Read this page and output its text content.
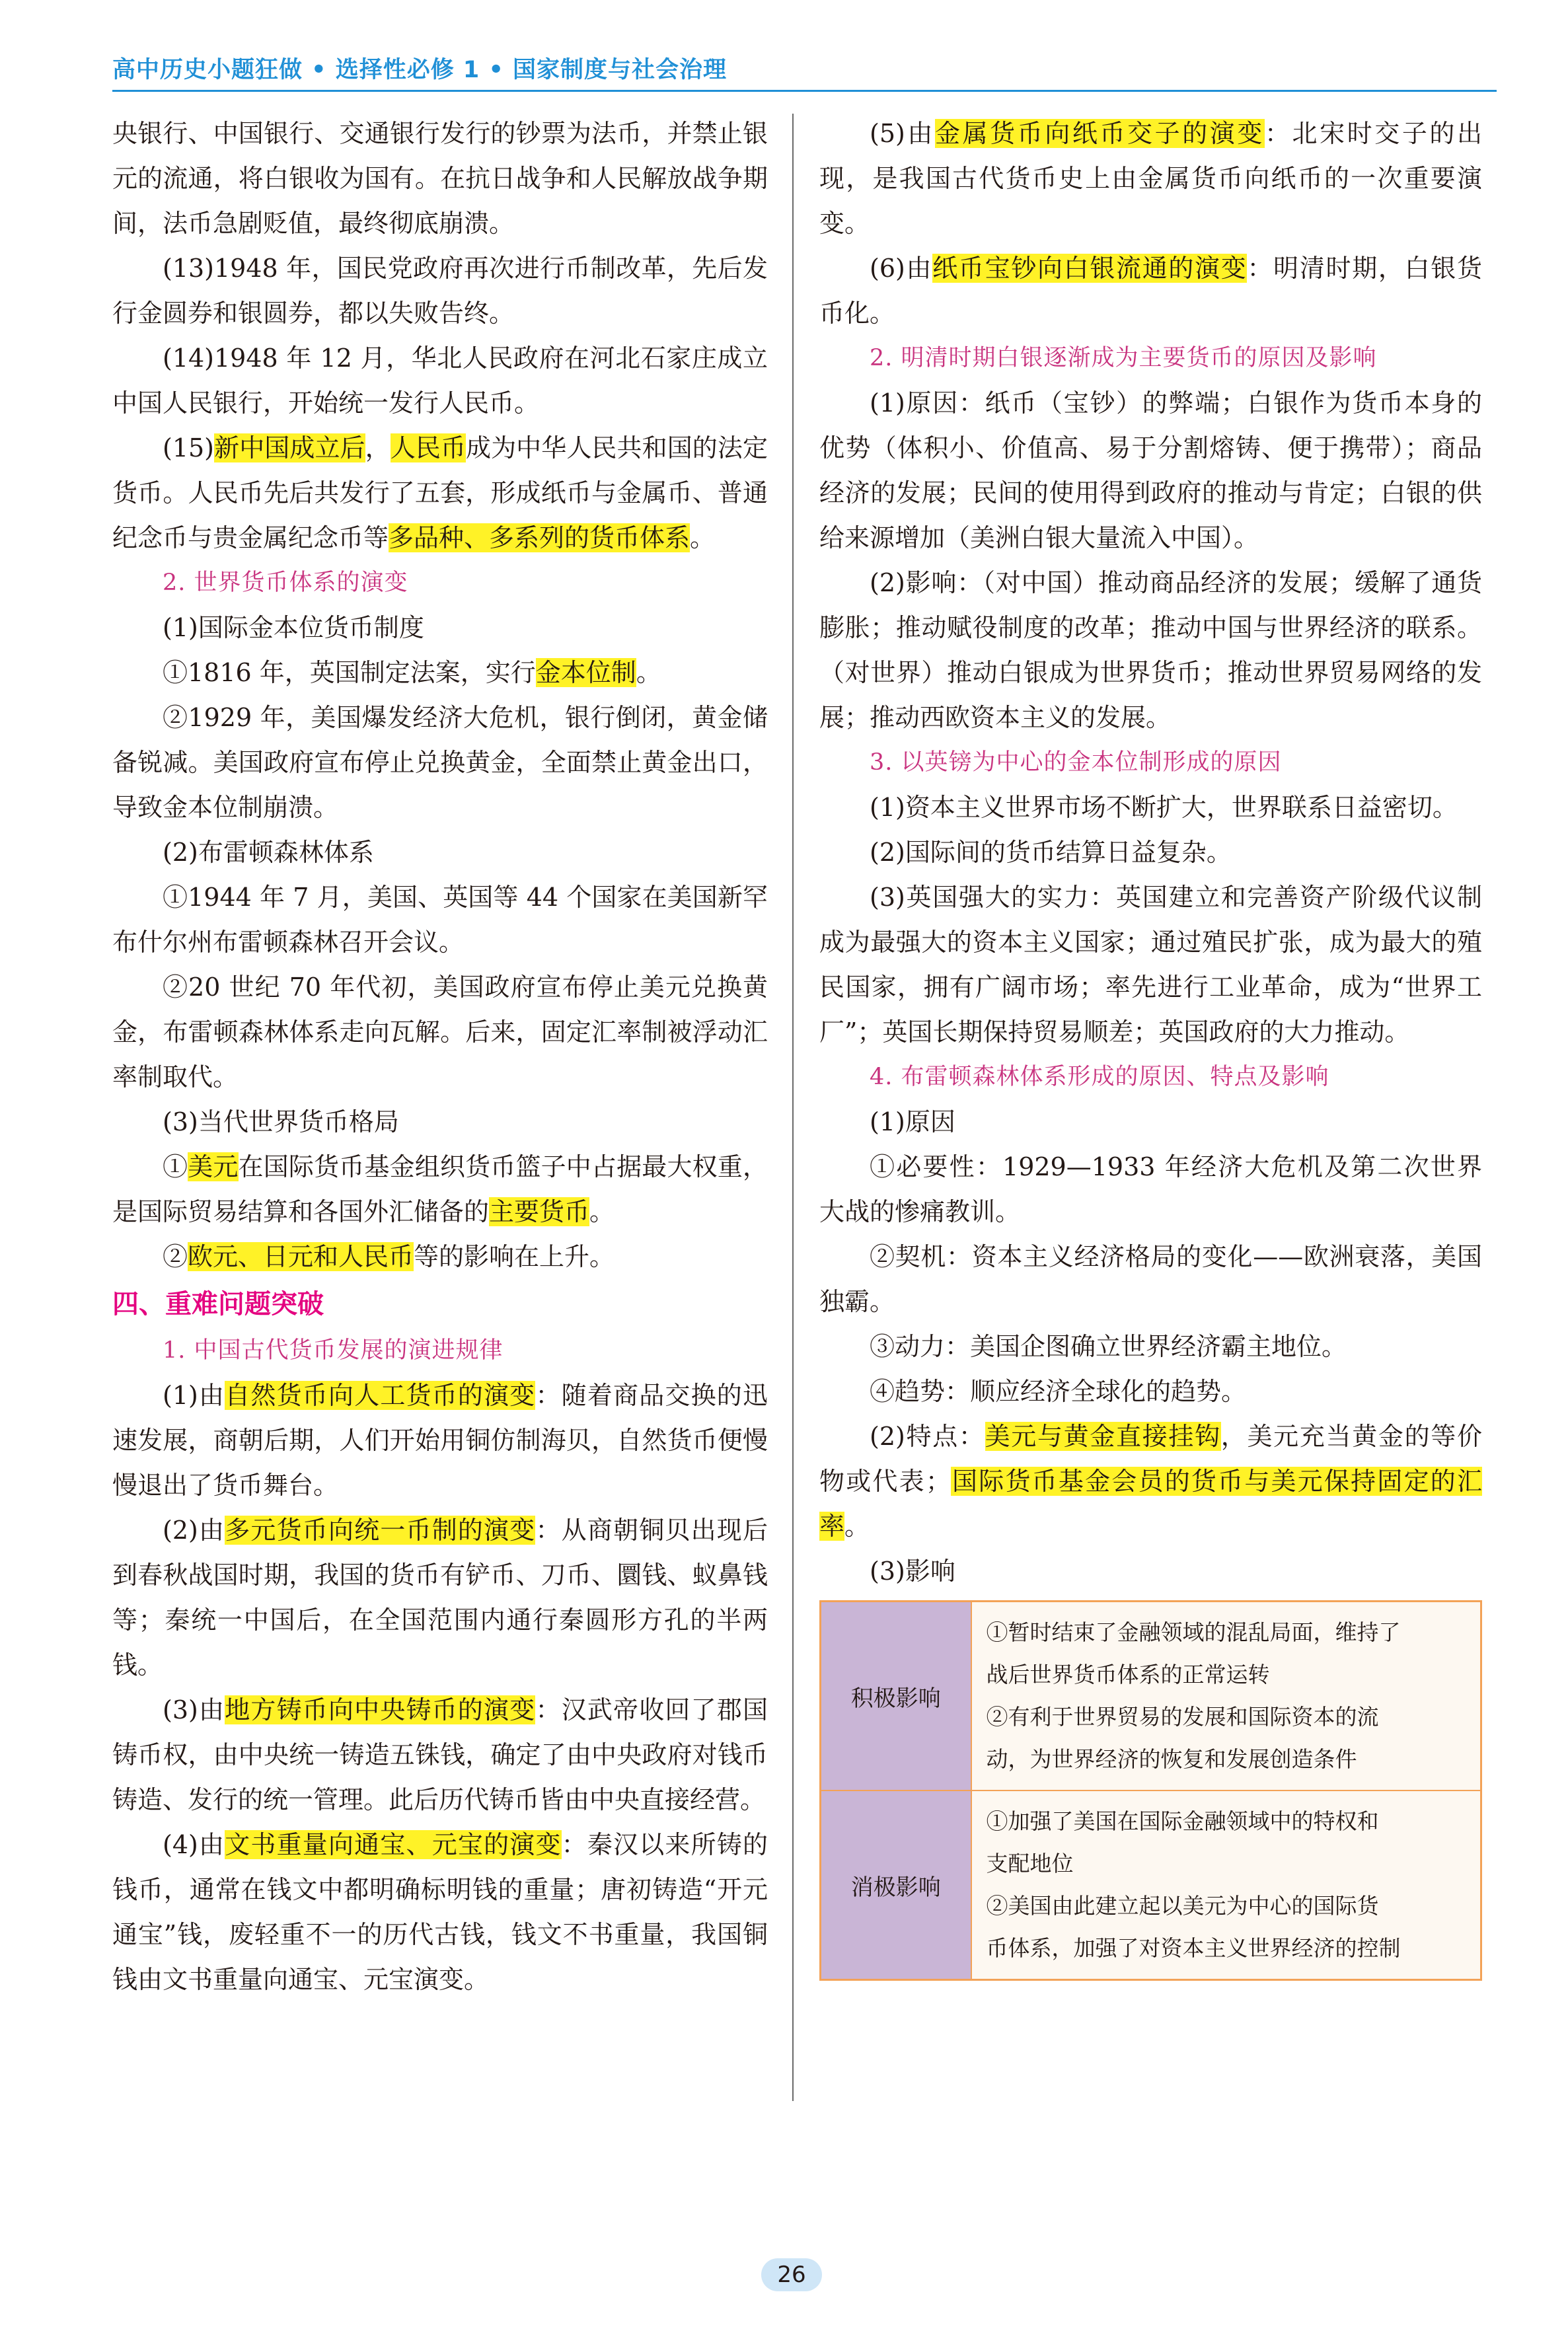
高中历史小题狂做 • 选择性必修 1 • 国家制度与社会治理
央银行、中国银行、交通银行发行的钞票为法币，并禁止银元的流通，将白银收为国有。在抗日战争和人民解放战争期间，法币急剧贬值，最终彻底崩溃。
(13)1948 年，国民党政府再次进行币制改革，先后发行金圆券和银圆券，都以失败告终。
(14)1948 年 12 月，华北人民政府在河北石家庄成立中国人民银行，开始统一发行人民币。
(15)新中国成立后，人民币成为中华人民共和国的法定货币。人民币先后共发行了五套，形成纸币与金属币、普通纪念币与贵金属纪念币等多品种、多系列的货币体系。
2. 世界货币体系的演变
(1)国际金本位货币制度
①1816 年，英国制定法案，实行金本位制。
②1929 年，美国爆发经济大危机，银行倒闭，黄金储备锐减。美国政府宣布停止兑换黄金，全面禁止黄金出口，导致金本位制崩溃。
(2)布雷顿森林体系
①1944 年 7 月，美国、英国等 44 个国家在美国新罕布什尔州布雷顿森林召开会议。
②20 世纪 70 年代初，美国政府宣布停止美元兑换黄金，布雷顿森林体系走向瓦解。后来，固定汇率制被浮动汇率制取代。
(3)当代世界货币格局
①美元在国际货币基金组织货币篮子中占据最大权重，是国际贸易结算和各国外汇储备的主要货币。
②欧元、日元和人民币等的影响在上升。
四、重难问题突破
1. 中国古代货币发展的演进规律
(1)由自然货币向人工货币的演变：随着商品交换的迅速发展，商朝后期，人们开始用铜仿制海贝，自然货币便慢慢退出了货币舞台。
(2)由多元货币向统一币制的演变：从商朝铜贝出现后到春秋战国时期，我国的货币有铲币、刀币、圜钱、蚁鼻钱等；秦统一中国后，在全国范围内通行秦圆形方孔的半两钱。
(3)由地方铸币向中央铸币的演变：汉武帝收回了郡国铸币权，由中央统一铸造五铢钱，确定了由中央政府对钱币铸造、发行的统一管理。此后历代铸币皆由中央直接经营。
(4)由文书重量向通宝、元宝的演变：秦汉以来所铸的钱币，通常在钱文中都明确标明钱的重量；唐初铸造“开元通宝”钱，废轻重不一的历代古钱，钱文不书重量，我国铜钱由文书重量向通宝、元宝演变。
(5)由金属货币向纸币交子的演变：北宋时交子的出现，是我国古代货币史上由金属货币向纸币的一次重要演变。
(6)由纸币宝钞向白银流通的演变：明清时期，白银货币化。
2. 明清时期白银逐渐成为主要货币的原因及影响
(1)原因：纸币（宝钞）的弊端；白银作为货币本身的优势（体积小、价值高、易于分割熔铸、便于携带）；商品经济的发展；民间的使用得到政府的推动与肯定；白银的供给来源增加（美洲白银大量流入中国）。
(2)影响：（对中国）推动商品经济的发展；缓解了通货膨胀；推动赋役制度的改革；推动中国与世界经济的联系。（对世界）推动白银成为世界货币；推动世界贸易网络的发展；推动西欧资本主义的发展。
3. 以英镑为中心的金本位制形成的原因
(1)资本主义世界市场不断扩大，世界联系日益密切。
(2)国际间的货币结算日益复杂。
(3)英国强大的实力：英国建立和完善资产阶级代议制成为最强大的资本主义国家；通过殖民扩张，成为最大的殖民国家，拥有广阔市场；率先进行工业革命，成为“世界工厂”；英国长期保持贸易顺差；英国政府的大力推动。
4. 布雷顿森林体系形成的原因、特点及影响
(1)原因
①必要性：1929—1933 年经济大危机及第二次世界大战的惨痛教训。
②契机：资本主义经济格局的变化——欧洲衰落，美国独霸。
③动力：美国企图确立世界经济霸主地位。
④趋势：顺应经济全球化的趋势。
(2)特点：美元与黄金直接挂钩，美元充当黄金的等价物或代表；国际货币基金会员的货币与美元保持固定的汇率。
(3)影响
积极影响	①暂时结束了金融领域的混乱局面，维持了
战后世界货币体系的正常运转
②有利于世界贸易的发展和国际资本的流
动，为世界经济的恢复和发展创造条件

消极影响	①加强了美国在国际金融领域中的特权和
支配地位
②美国由此建立起以美元为中心的国际货
币体系，加强了对资本主义世界经济的控制
26
